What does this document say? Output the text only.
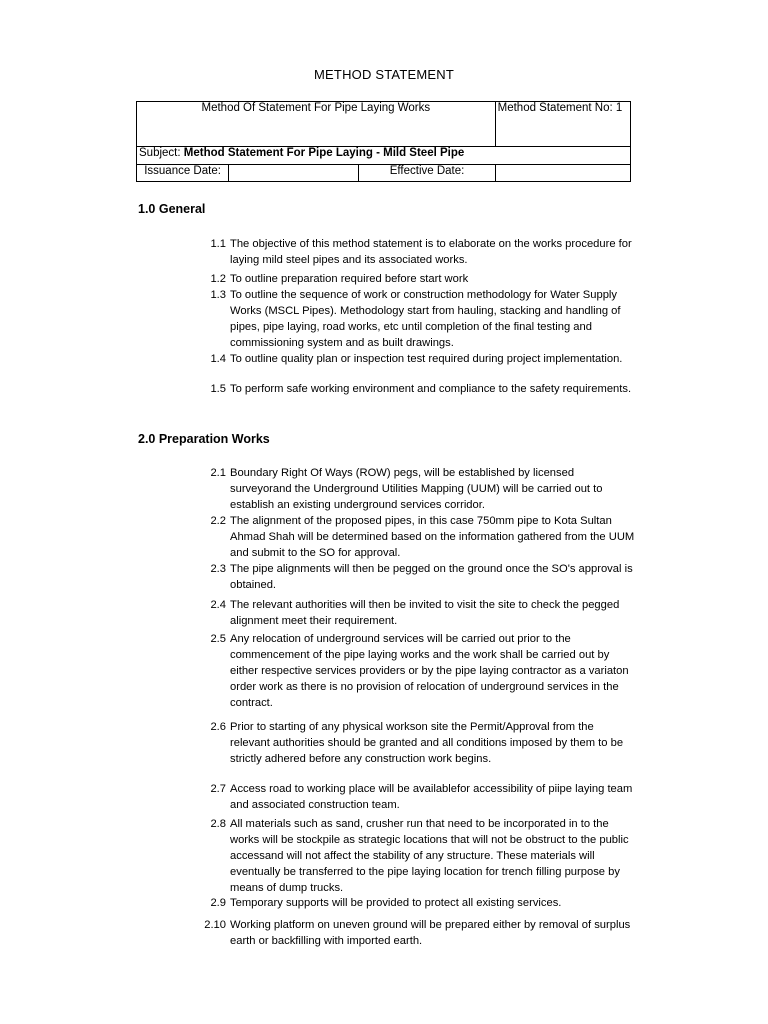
METHOD STATEMENT
Method Of Statement For Pipe Laying Works			Method Statement No: 1
Subject: Method Statement For Pipe Laying - Mild Steel Pipe			
Issuance Date:		Effective Date:	
1.0 General
1.1 The objective of this method statement is to elaborate on the works procedure for laying mild steel pipes and its associated works.
1.2 To outline preparation required before start work
1.3 To outline the sequence of work or construction methodology for Water Supply Works (MSCL Pipes). Methodology start from hauling, stacking and handling of pipes, pipe laying, road works, etc until completion of the final testing and commissioning system and as built drawings.
1.4 To outline quality plan or inspection test required during project implementation.
1.5 To perform safe working environment and compliance to the safety requirements.
2.0 Preparation Works
2.1 Boundary Right Of Ways (ROW) pegs, will be established by licensed surveyorand the Underground Utilities Mapping (UUM) will be carried out to establish an existing underground services corridor.
2.2 The alignment of the proposed pipes, in this case 750mm pipe to Kota Sultan Ahmad Shah will be determined based on the information gathered from the UUM and submit to the SO for approval.
2.3 The pipe alignments will then be pegged on the ground once the SO's approval is obtained.
2.4 The relevant authorities will then be invited to visit the site to check the pegged alignment meet their requirement.
2.5 Any relocation of underground services will be carried out prior to the commencement of the pipe laying works and the work shall be carried out by either respective services providers or by the pipe laying contractor as a variaton order work as there is no provision of relocation of underground services in the contract.
2.6 Prior to starting of any physical workson site the Permit/Approval from the relevant authorities should be granted and all conditions imposed by them to be strictly adhered before any construction work begins.
2.7 Access road to working place will be availablefor accessibility of piipe laying team and associated construction team.
2.8 All materials such as sand, crusher run that need to be incorporated in to the works will be stockpile as strategic locations that will not be obstruct to the public accessand will not affect the stability of any structure. These materials will eventually be transferred to the pipe laying location for trench filling purpose by means of dump trucks.
2.9 Temporary supports will be provided to protect all existing services.
2.10 Working platform on uneven ground will be prepared either by removal of surplus earth or backfilling with imported earth.
